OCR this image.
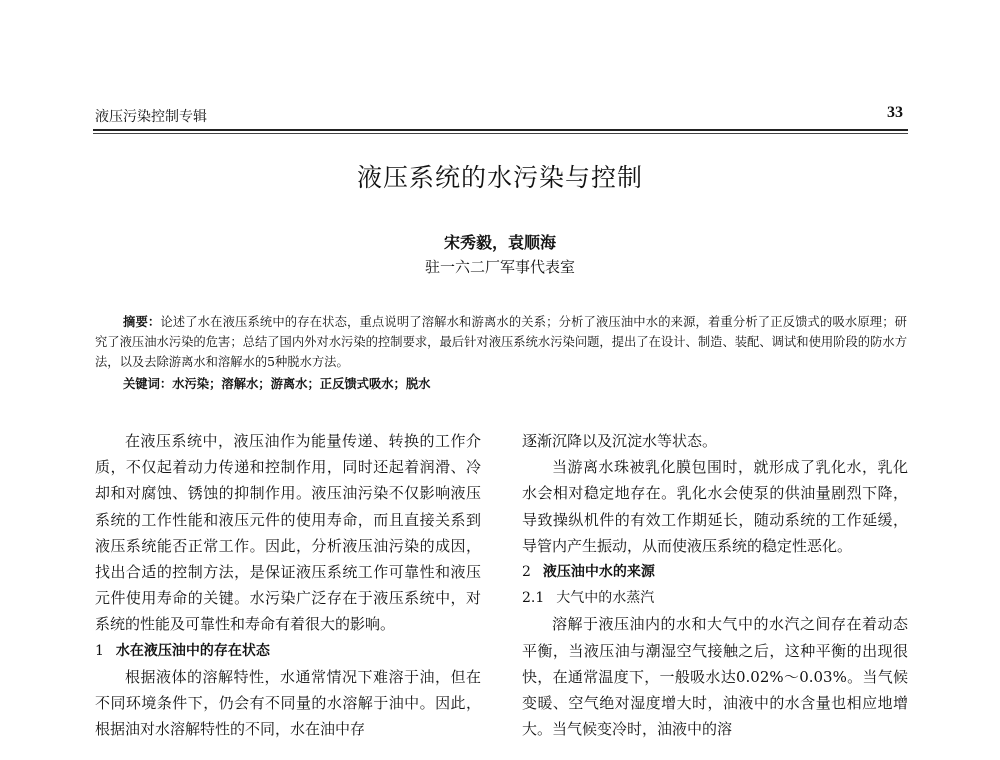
液压污染控制专辑	33
液压系统的水污染与控制
宋秀毅，袁顺海
驻一六二厂军事代表室

摘要：论述了水在液压系统中的存在状态，重点说明了溶解水和游离水的关系；分析了液压油中水的来源，着重分析了正反馈式的吸水原理；研究了液压油水污染的危害；总结了国内外对水污染的控制要求，最后针对液压系统水污染问题，提出了在设计、制造、装配、调试和使用阶段的防水方法，以及去除游离水和溶解水的5种脱水方法。

关键词：水污染；溶解水；游离水；正反馈式吸水；脱水

在液压系统中，液压油作为能量传递、转换的工作介质，不仅起着动力传递和控制作用，同时还起着润滑、冷却和对腐蚀、锈蚀的抑制作用。液压油污染不仅影响液压系统的工作性能和液压元件的使用寿命，而且直接关系到液压系统能否正常工作。因此，分析液压油污染的成因，找出合适的控制方法，是保证液压系统工作可靠性和液压元件使用寿命的关键。水污染广泛存在于液压系统中，对系统的性能及可靠性和寿命有着很大的影响。

1 水在液压油中的存在状态

根据液体的溶解特性，水通常情况下难溶于油，但在不同环境条件下，仍会有不同量的水溶解于油中。因此，根据油对水溶解特性的不同，水在油中存

逐渐沉降以及沉淀水等状态。

当游离水珠被乳化膜包围时，就形成了乳化水，乳化水会相对稳定地存在。乳化水会使泵的供油量剧烈下降，导致操纵机件的有效工作期延长，随动系统的工作延缓，导管内产生振动，从而使液压系统的稳定性恶化。

2 液压油中水的来源

2.1 大气中的水蒸汽

溶解于液压油内的水和大气中的水汽之间存在着动态平衡，当液压油与潮湿空气接触之后，这种平衡的出现很快，在通常温度下，一般吸水达0.02%～0.03%。当气候变暖、空气绝对湿度增大时，油液中的水含量也相应地增大。当气候变冷时，油液中的溶
